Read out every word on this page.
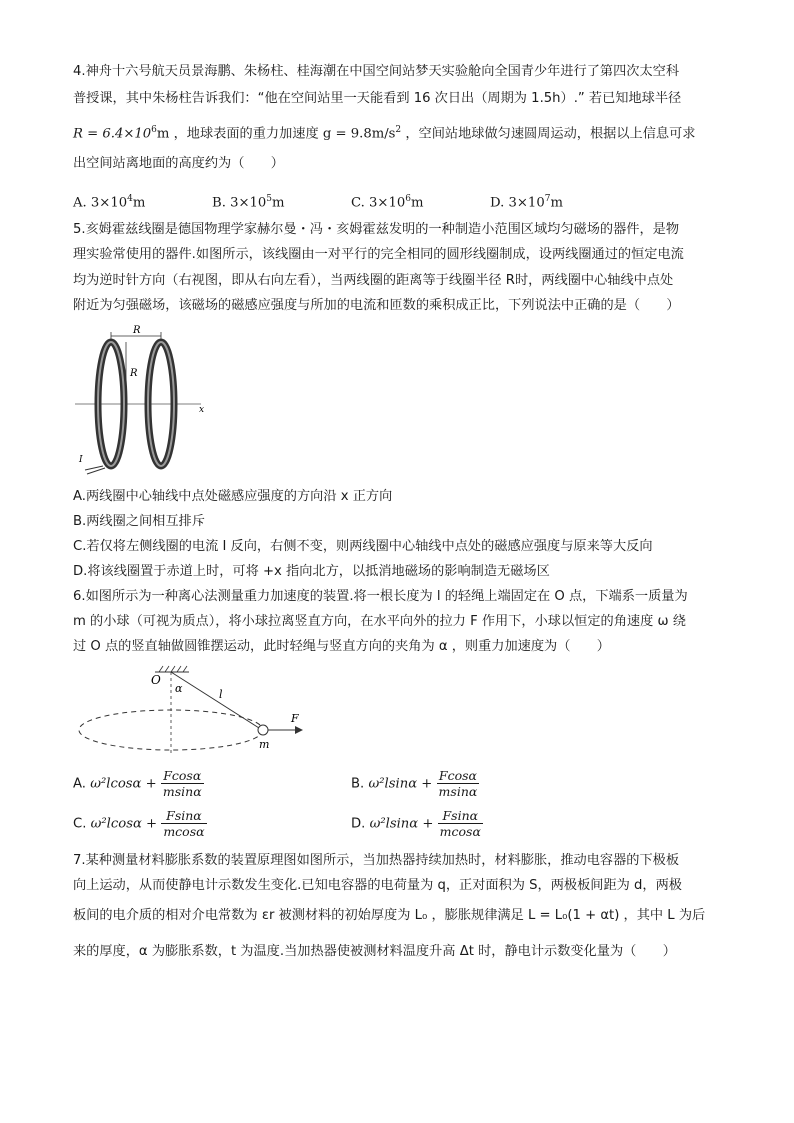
4.神舟十六号航天员景海鹏、朱杨柱、桂海潮在中国空间站梦天实验舱向全国青少年进行了第四次太空科
普授课，其中朱杨柱告诉我们：“他在空间站里一天能看到 16 次日出（周期为 1.5h）.” 若已知地球半径
$R = 6.4\times 10^6m$ ，地球表面的重力加速度 $g = 9.8m/s^2$ ，空间站地球做匀速圆周运动，根据以上信息可求
出空间站离地面的高度约为（　　）
A. $3\times 10^4m$	B. $3\times 10^5m$	C. $3\times 10^6m$	D. $3\times 10^7m$
5.亥姆霍兹线圈是德国物理学家赫尔曼・冯・亥姆霍兹发明的一种制造小范围区域均匀磁场的器件，是物
理实验常使用的器件.如图所示，该线圈由一对平行的完全相同的圆形线圈制成，设两线圈通过的恒定电流
均为逆时针方向（右视图，即从右向左看），当两线圈的距离等于线圈半径 R时，两线圈中心轴线中点处
附近为匀强磁场，该磁场的磁感应强度与所加的电流和匝数的乘积成正比，下列说法中正确的是（　　）
R
R
x
I
A.两线圈中心轴线中点处磁感应强度的方向沿 x 正方向
B.两线圈之间相互排斥
C.若仅将左侧线圈的电流 I 反向，右侧不变，则两线圈中心轴线中点处的磁感应强度与原来等大反向
D.将该线圈置于赤道上时，可将 +x 指向北方，以抵消地磁场的影响制造无磁场区
6.如图所示为一种离心法测量重力加速度的装置.将一根长度为 l 的轻绳上端固定在 O 点，下端系一质量为
m 的小球（可视为质点），将小球拉离竖直方向，在水平向外的拉力 F 作用下，小球以恒定的角速度 ω 绕
过 O 点的竖直轴做圆锥摆运动，此时轻绳与竖直方向的夹角为 α ，则重力加速度为（　　）
O
α	l
F
m
A. $\omega^2lcos\alpha + \frac{Fcos\alpha}{msin\alpha}$	B. $\omega^2lsin\alpha + \frac{Fcos\alpha}{msin\alpha}$
C. $\omega^2lcos\alpha + \frac{Fsin\alpha}{mcos\alpha}$	D. $\omega^2lsin\alpha + \frac{Fsin\alpha}{mcos\alpha}$
7.某种测量材料膨胀系数的装置原理图如图所示，当加热器持续加热时，材料膨胀，推动电容器的下极板
向上运动，从而使静电计示数发生变化.已知电容器的电荷量为 q，正对面积为 S，两极板间距为 d，两极
板间的电介质的相对介电常数为 εr 被测材料的初始厚度为 L₀ ，膨胀规律满足 L = L₀(1 + αt) ，其中 L 为后
来的厚度，α 为膨胀系数，t 为温度.当加热器使被测材料温度升高 Δt 时，静电计示数变化量为（　　）
